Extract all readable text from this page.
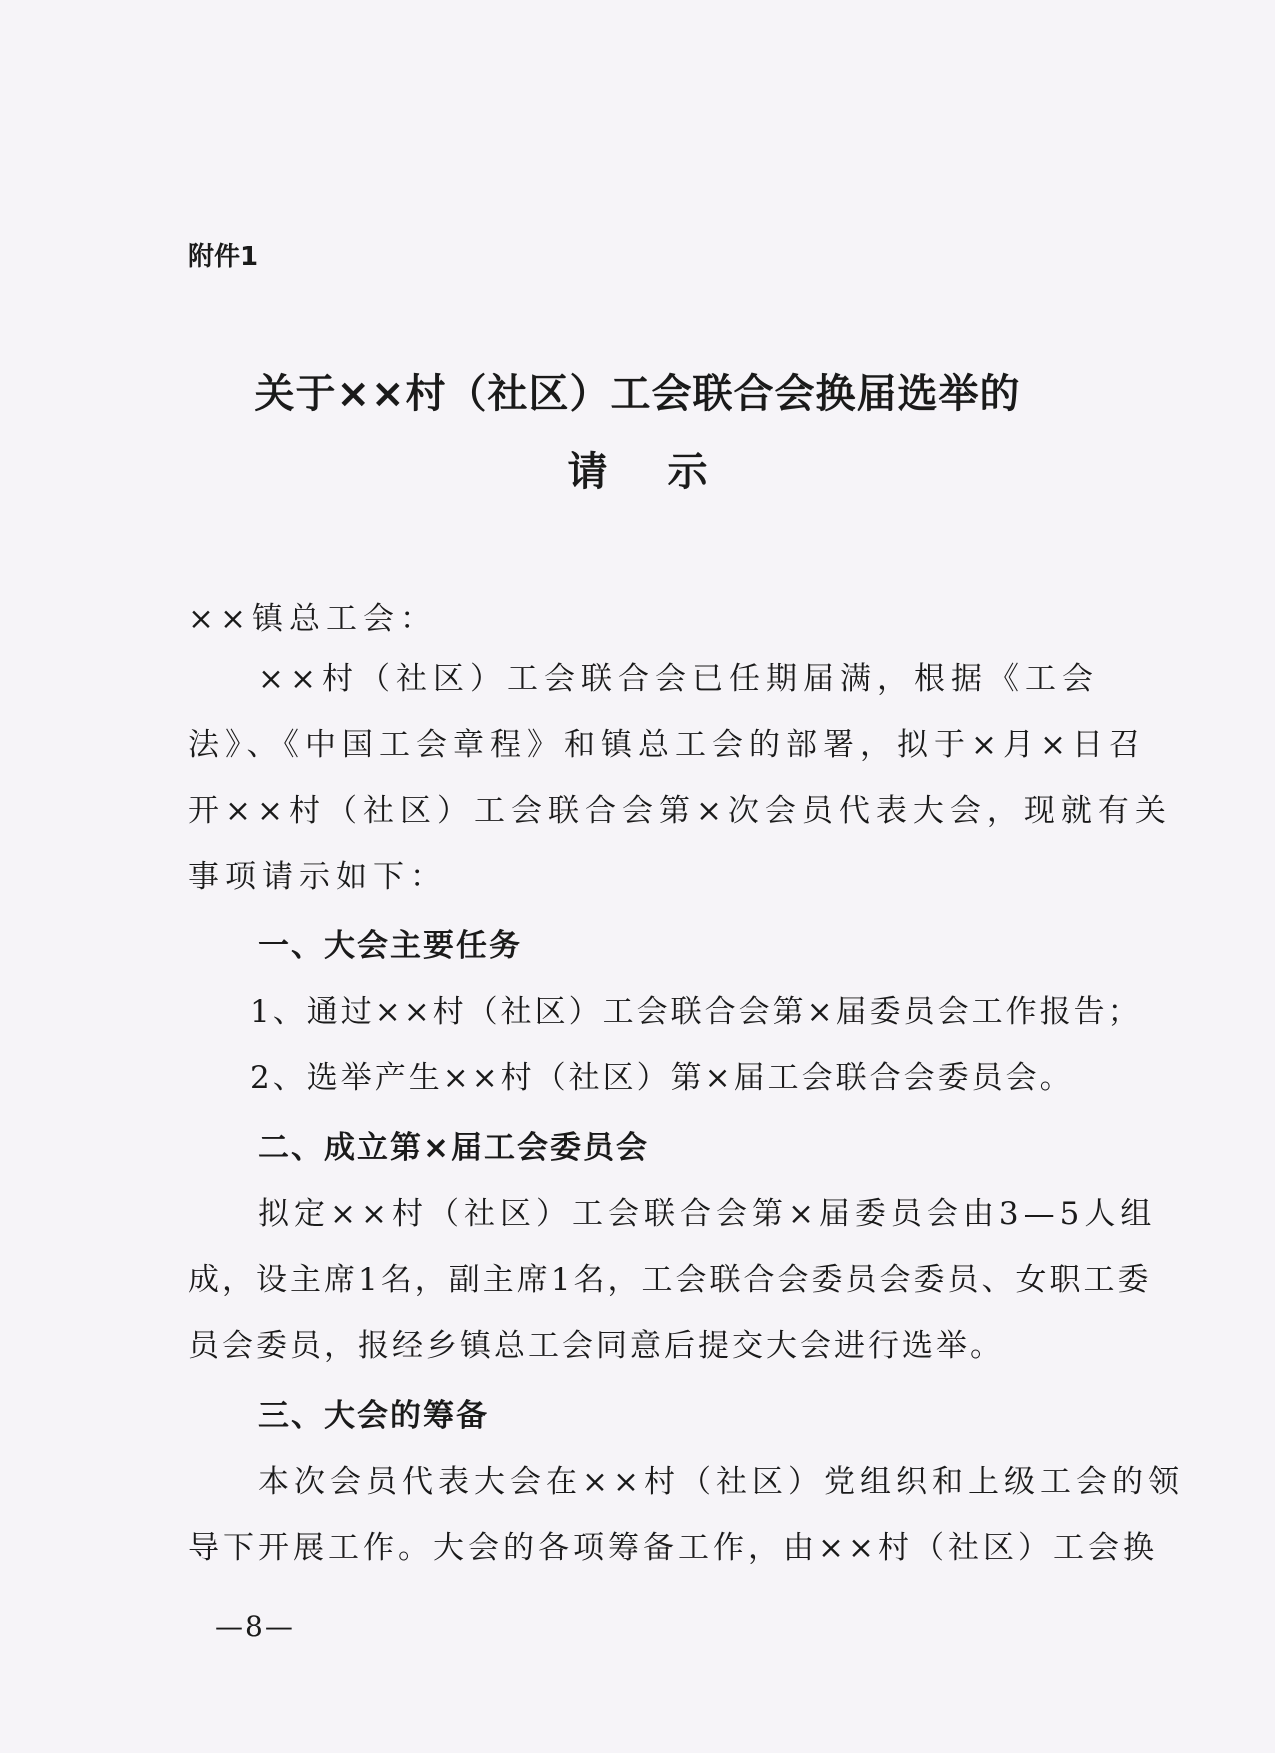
附件1
关于××村（社区）工会联合会换届选举的
请示
××镇总工会：
××村（社区）工会联合会已任期届满，根据《工会
法》、《中国工会章程》和镇总工会的部署，拟于×月×日召
开××村（社区）工会联合会第×次会员代表大会，现就有关
事项请示如下：
一、大会主要任务
1、通过××村（社区）工会联合会第×届委员会工作报告；
2、选举产生××村（社区）第×届工会联合会委员会。
二、成立第×届工会委员会
拟定××村（社区）工会联合会第×届委员会由3—5人组
成，设主席1名，副主席1名，工会联合会委员会委员、女职工委
员会委员，报经乡镇总工会同意后提交大会进行选举。
三、大会的筹备
本次会员代表大会在××村（社区）党组织和上级工会的领
导下开展工作。大会的各项筹备工作，由××村（社区）工会换
—8—
